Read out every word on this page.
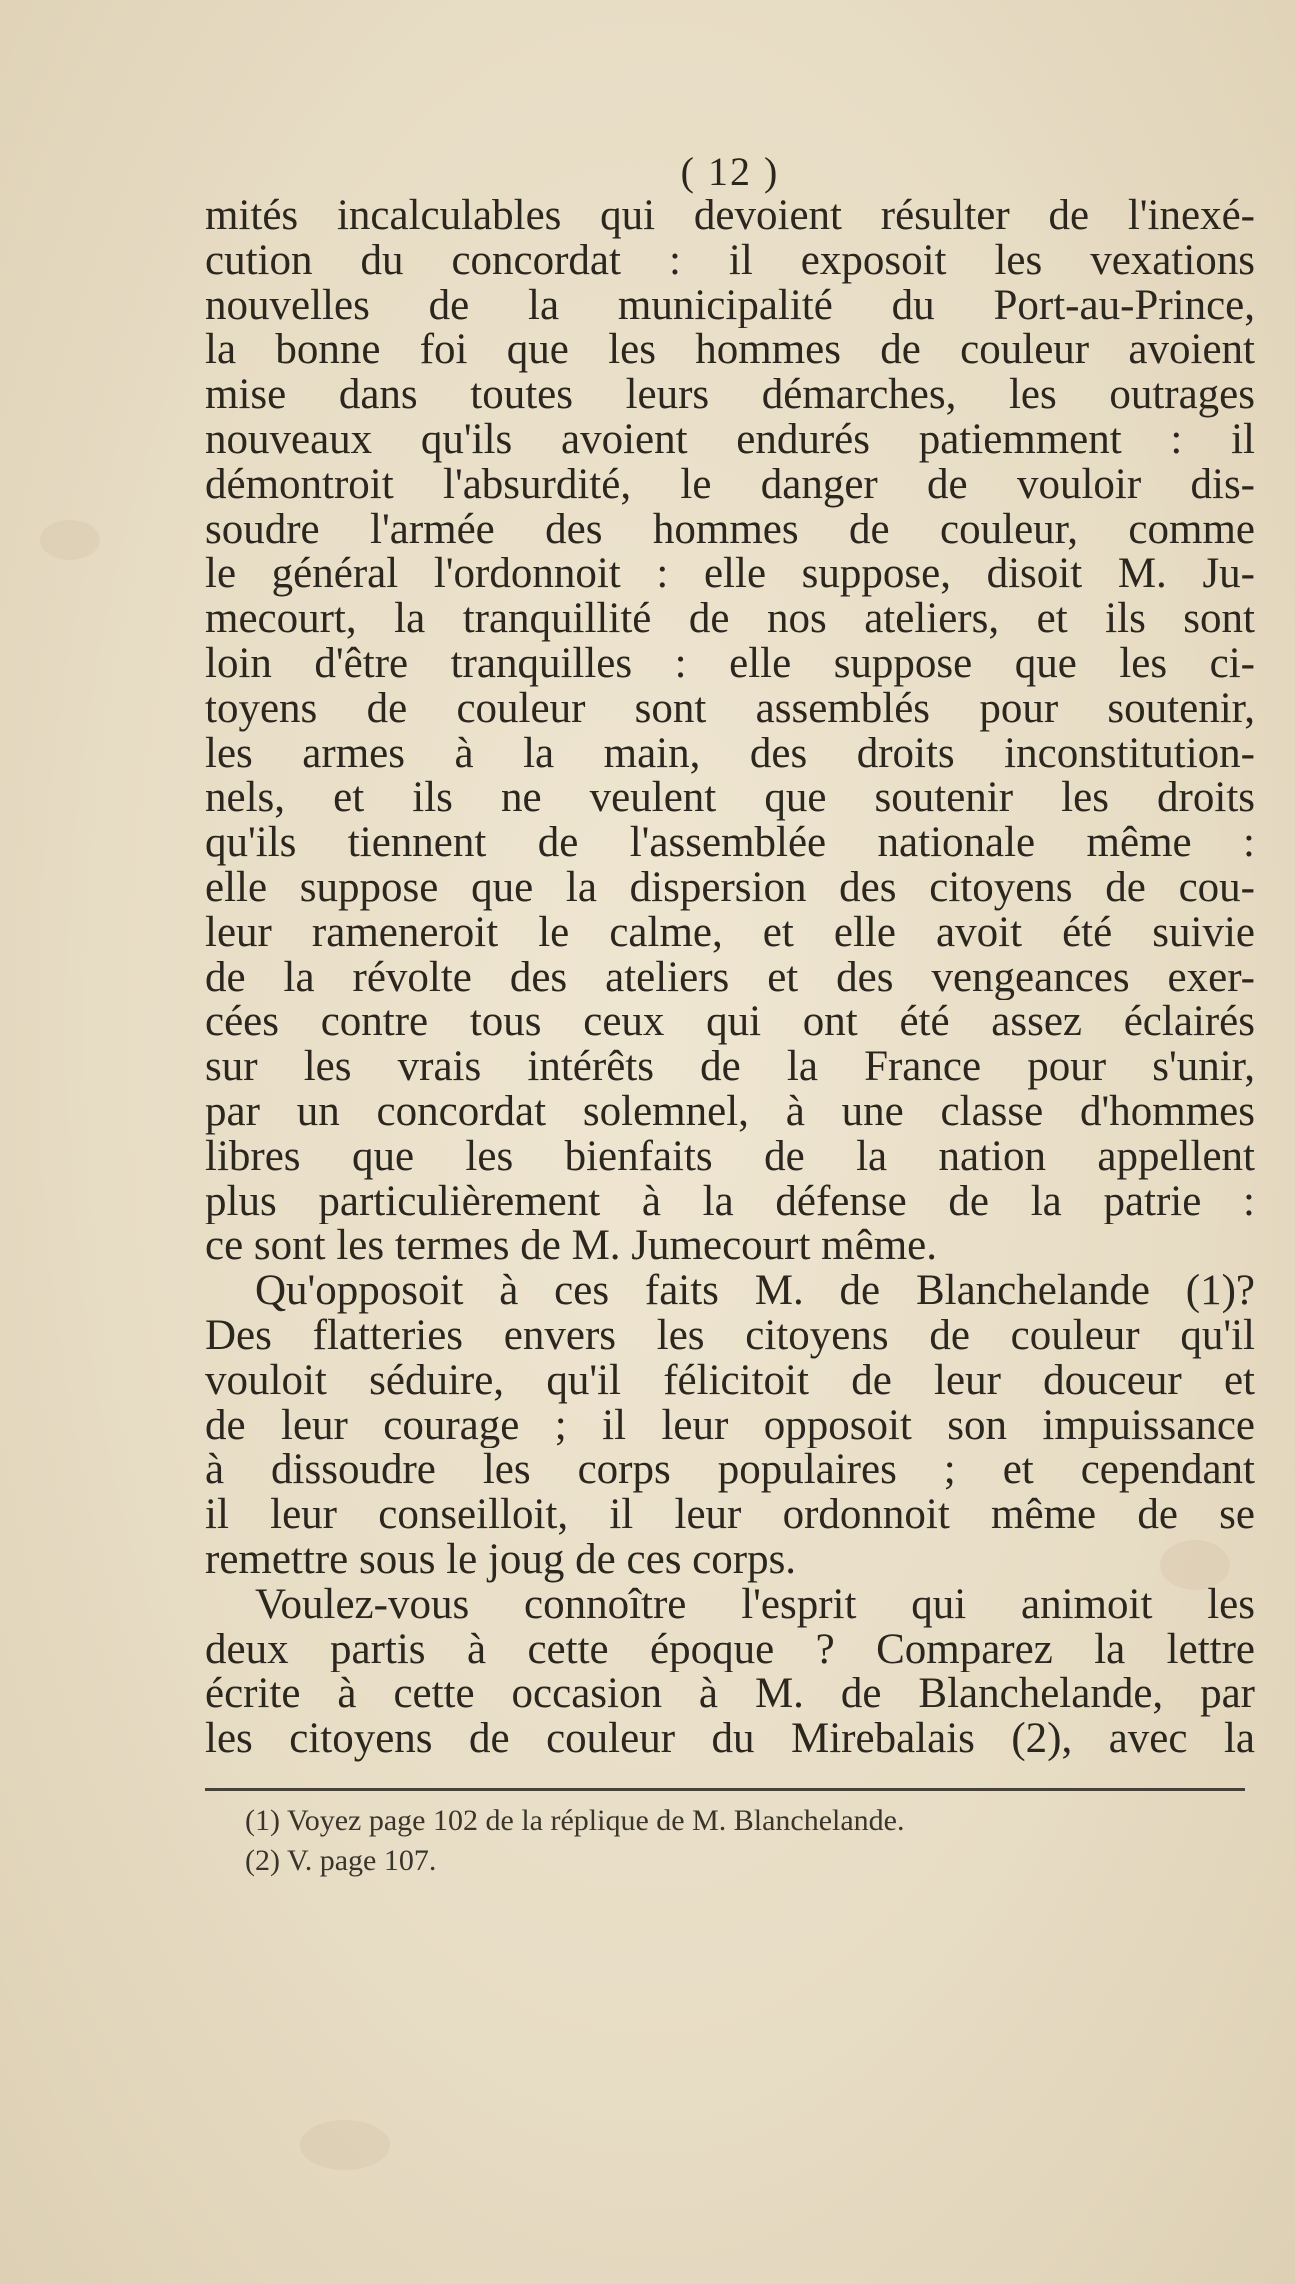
( 12 )
mités incalculables qui devoient résulter de l'inexé-
cution du concordat : il exposoit les vexations
nouvelles de la municipalité du Port-au-Prince,
la bonne foi que les hommes de couleur avoient
mise dans toutes leurs démarches, les outrages
nouveaux qu'ils avoient endurés patiemment : il
démontroit l'absurdité, le danger de vouloir dis-
soudre l'armée des hommes de couleur, comme
le général l'ordonnoit : elle suppose, disoit M. Ju-
mecourt, la tranquillité de nos ateliers, et ils sont
loin d'être tranquilles : elle suppose que les ci-
toyens de couleur sont assemblés pour soutenir,
les armes à la main, des droits inconstitution-
nels, et ils ne veulent que soutenir les droits
qu'ils tiennent de l'assemblée nationale même :
elle suppose que la dispersion des citoyens de cou-
leur rameneroit le calme, et elle avoit été suivie
de la révolte des ateliers et des vengeances exer-
cées contre tous ceux qui ont été assez éclairés
sur les vrais intérêts de la France pour s'unir,
par un concordat solemnel, à une classe d'hommes
libres que les bienfaits de la nation appellent
plus particulièrement à la défense de la patrie :
ce sont les termes de M. Jumecourt même.
Qu'opposoit à ces faits M. de Blanchelande (1)?
Des flatteries envers les citoyens de couleur qu'il
vouloit séduire, qu'il félicitoit de leur douceur et
de leur courage ; il leur opposoit son impuissance
à dissoudre les corps populaires ; et cependant
il leur conseilloit, il leur ordonnoit même de se
remettre sous le joug de ces corps.
Voulez-vous connoître l'esprit qui animoit les
deux partis à cette époque ? Comparez la lettre
écrite à cette occasion à M. de Blanchelande, par
les citoyens de couleur du Mirebalais (2), avec la
(1) Voyez page 102 de la réplique de M. Blanchelande.
(2) V. page 107.
